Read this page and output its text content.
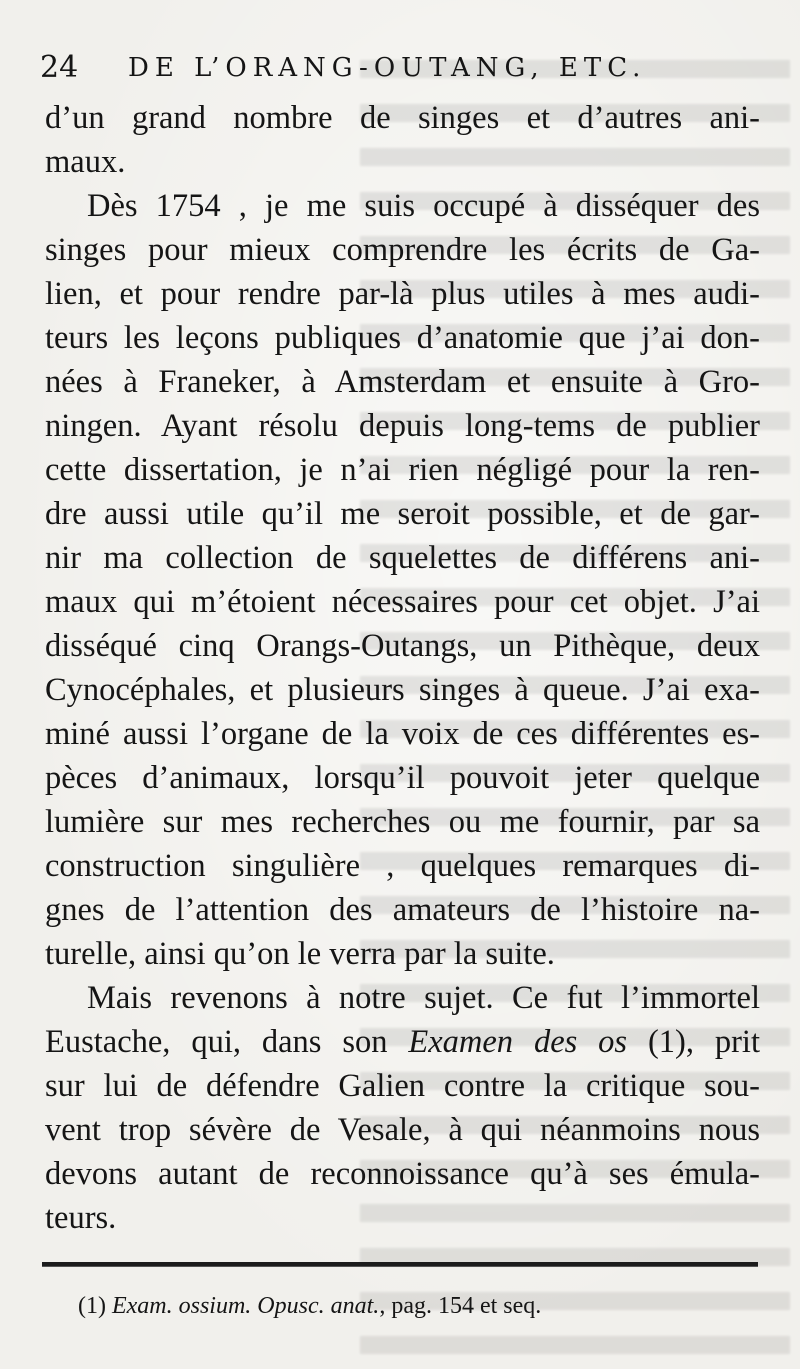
24 DE L’ORANG-OUTANG, ETC.
d’un grand nombre de singes et d’autres ani-
maux.
Dès 1754 , je me suis occupé à disséquer des
singes pour mieux comprendre les écrits de Ga-
lien, et pour rendre par-là plus utiles à mes audi-
teurs les leçons publiques d’anatomie que j’ai don-
nées à Franeker, à Amsterdam et ensuite à Gro-
ningen. Ayant résolu depuis long-tems de publier
cette dissertation, je n’ai rien négligé pour la ren-
dre aussi utile qu’il me seroit possible, et de gar-
nir ma collection de squelettes de différens ani-
maux qui m’étoient nécessaires pour cet objet. J’ai
disséqué cinq Orangs-Outangs, un Pithèque, deux
Cynocéphales, et plusieurs singes à queue. J’ai exa-
miné aussi l’organe de la voix de ces différentes es-
pèces d’animaux, lorsqu’il pouvoit jeter quelque
lumière sur mes recherches ou me fournir, par sa
construction singulière , quelques remarques di-
gnes de l’attention des amateurs de l’histoire na-
turelle, ainsi qu’on le verra par la suite.
Mais revenons à notre sujet. Ce fut l’immortel
Eustache, qui, dans son Examen des os (1), prit
sur lui de défendre Galien contre la critique sou-
vent trop sévère de Vesale, à qui néanmoins nous
devons autant de reconnoissance qu’à ses émula-
teurs.
(1) Exam. ossium. Opusc. anat., pag. 154 et seq.
